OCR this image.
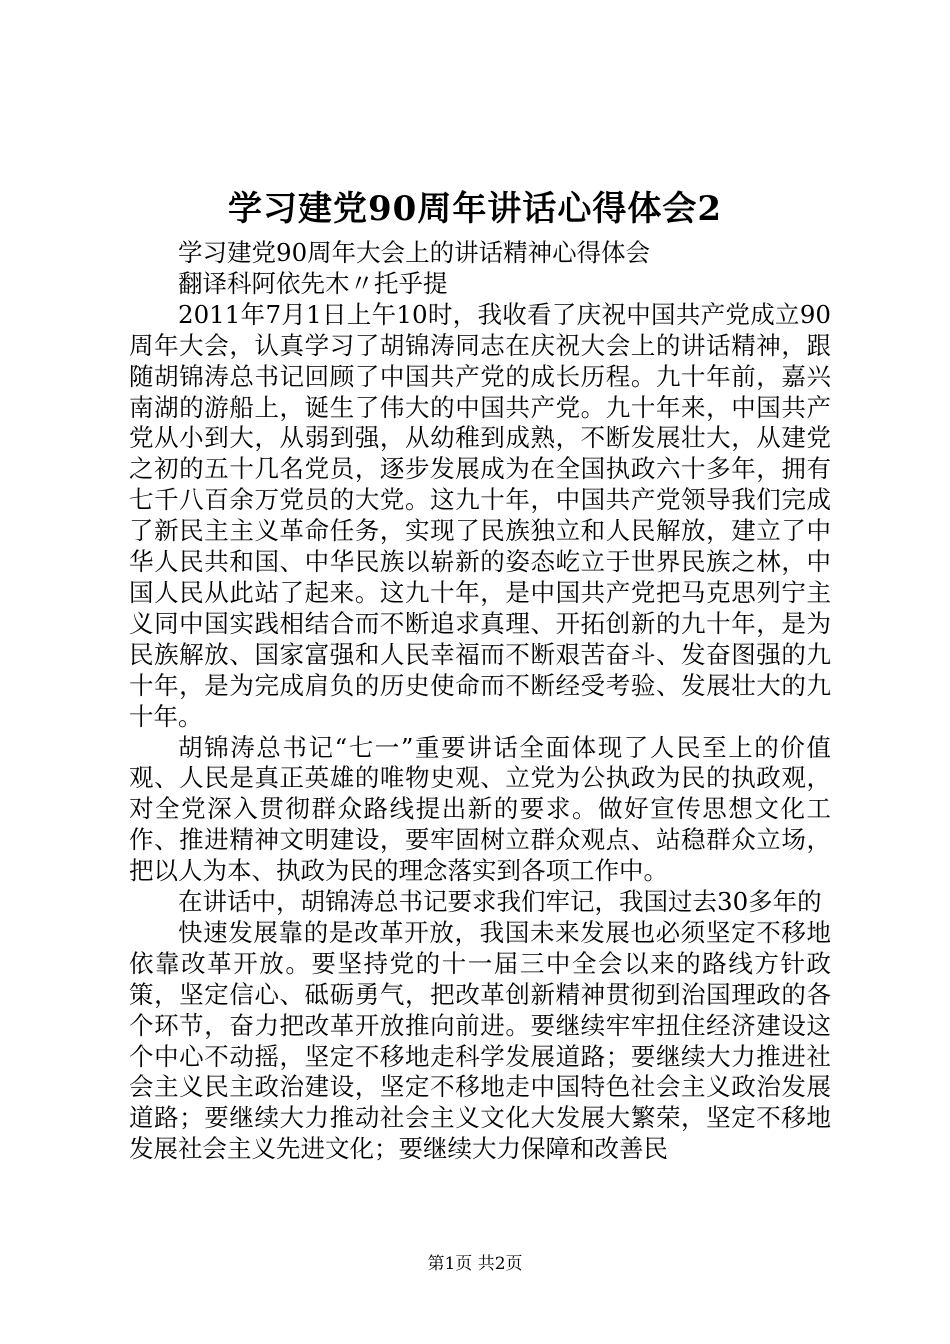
学习建党90周年讲话心得体会2

学习建党90周年大会上的讲话精神心得体会

翻译科阿依先木〃托乎提

2011年7月1日上午10时，我收看了庆祝中国共产党成立90周年大会，认真学习了胡锦涛同志在庆祝大会上的讲话精神，跟随胡锦涛总书记回顾了中国共产党的成长历程。九十年前，嘉兴南湖的游船上，诞生了伟大的中国共产党。九十年来，中国共产党从小到大，从弱到强，从幼稚到成熟，不断发展壮大，从建党之初的五十几名党员，逐步发展成为在全国执政六十多年，拥有七千八百余万党员的大党。这九十年，中国共产党领导我们完成了新民主主义革命任务，实现了民族独立和人民解放，建立了中华人民共和国、中华民族以崭新的姿态屹立于世界民族之林，中国人民从此站了起来。这九十年，是中国共产党把马克思列宁主义同中国实践相结合而不断追求真理、开拓创新的九十年，是为民族解放、国家富强和人民幸福而不断艰苦奋斗、发奋图强的九十年，是为完成肩负的历史使命而不断经受考验、发展壮大的九十年。

胡锦涛总书记“七一”重要讲话全面体现了人民至上的价值观、人民是真正英雄的唯物史观、立党为公执政为民的执政观，对全党深入贯彻群众路线提出新的要求。做好宣传思想文化工作、推进精神文明建设，要牢固树立群众观点、站稳群众立场，把以人为本、执政为民的理念落实到各项工作中。

在讲话中，胡锦涛总书记要求我们牢记，我国过去30多年的

快速发展靠的是改革开放，我国未来发展也必须坚定不移地依靠改革开放。要坚持党的十一届三中全会以来的路线方针政策，坚定信心、砥砺勇气，把改革创新精神贯彻到治国理政的各个环节，奋力把改革开放推向前进。要继续牢牢扭住经济建设这个中心不动摇，坚定不移地走科学发展道路；要继续大力推进社会主义民主政治建设，坚定不移地走中国特色社会主义政治发展道路；要继续大力推动社会主义文化大发展大繁荣，坚定不移地发展社会主义先进文化；要继续大力保障和改善民

第1页 共2页
